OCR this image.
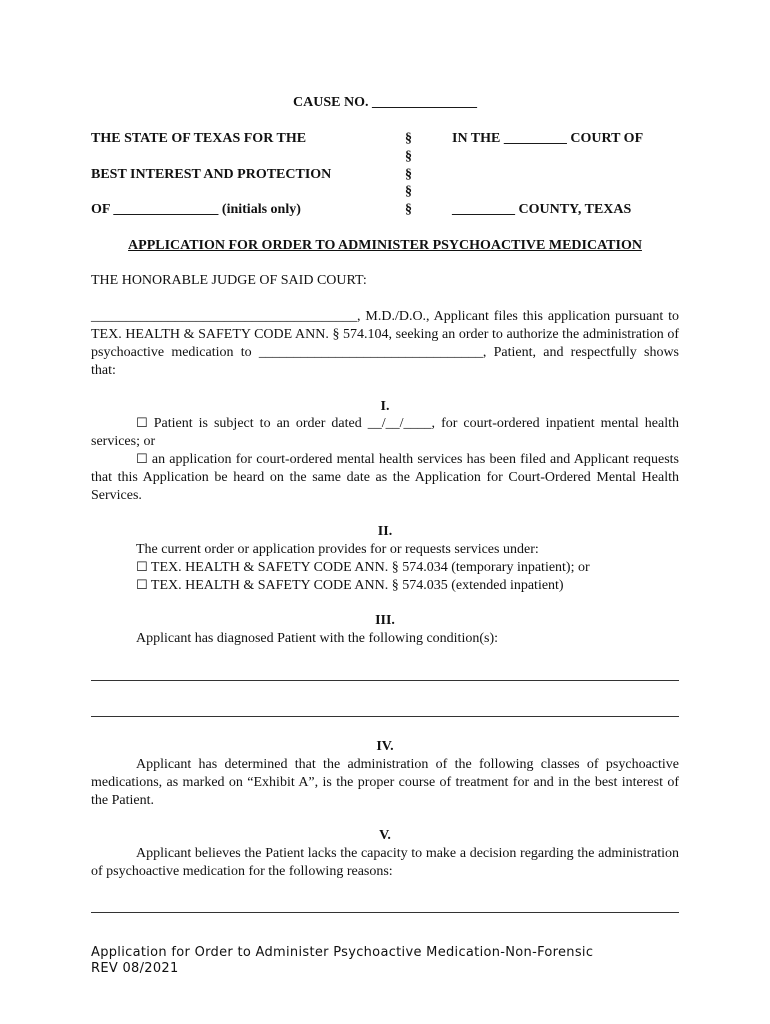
CAUSE NO. _______________
THE STATE OF TEXAS FOR THE
BEST INTEREST AND PROTECTION
OF _______________ (initials only)
§
§
§
§
§
IN THE _________ COURT OF
_________ COUNTY, TEXAS
APPLICATION FOR ORDER TO ADMINISTER PSYCHOACTIVE MEDICATION
THE HONORABLE JUDGE OF SAID COURT:
______________________________________, M.D./D.O., Applicant files this application pursuant to TEX. HEALTH & SAFETY CODE ANN. § 574.104, seeking an order to authorize the administration of psychoactive medication to ________________________________, Patient, and respectfully shows that:
I.
☐ Patient is subject to an order dated __/__/____, for court-ordered inpatient mental health services; or
☐ an application for court-ordered mental health services has been filed and Applicant requests that this Application be heard on the same date as the Application for Court-Ordered Mental Health Services.
II.
The current order or application provides for or requests services under:
☐ TEX. HEALTH & SAFETY CODE ANN. § 574.034 (temporary inpatient); or
☐ TEX. HEALTH & SAFETY CODE ANN. § 574.035 (extended inpatient)
III.
Applicant has diagnosed Patient with the following condition(s):
IV.
Applicant has determined that the administration of the following classes of psychoactive medications, as marked on “Exhibit A”, is the proper course of treatment for and in the best interest of the Patient.
V.
Applicant believes the Patient lacks the capacity to make a decision regarding the administration of psychoactive medication for the following reasons:
Application for Order to Administer Psychoactive Medication-Non-Forensic
REV 08/2021
